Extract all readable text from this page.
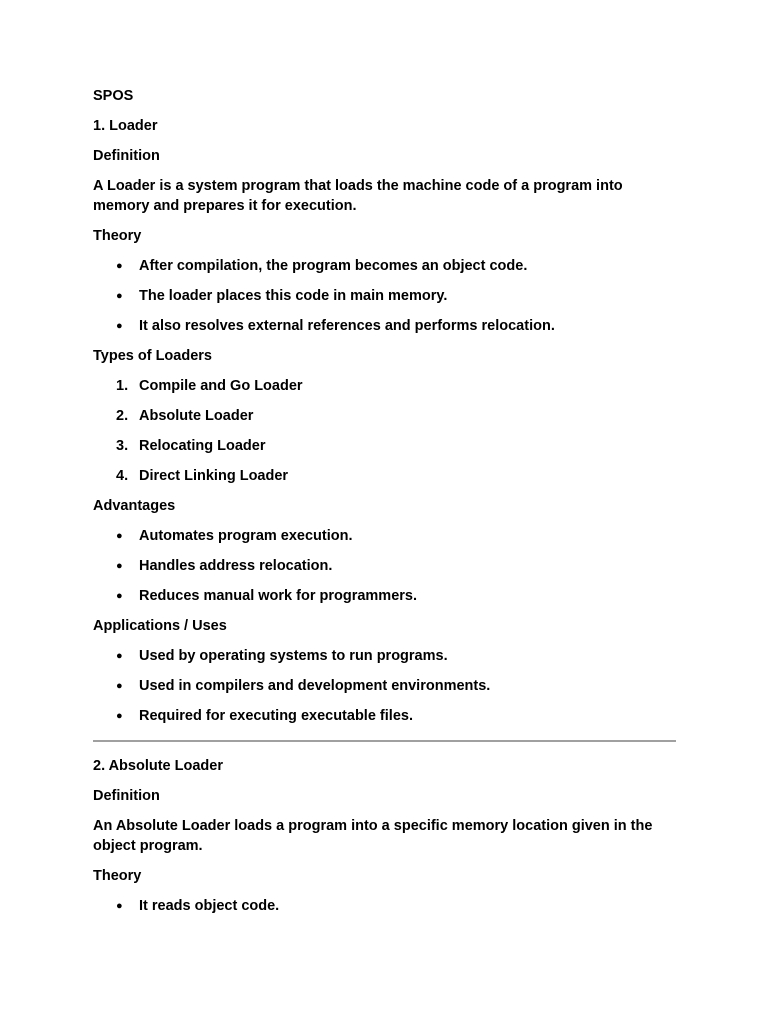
SPOS

1. Loader

Definition

A Loader is a system program that loads the machine code of a program into memory and prepares it for execution.

Theory

● After compilation, the program becomes an object code.
● The loader places this code in main memory.
● It also resolves external references and performs relocation.

Types of Loaders

1. Compile and Go Loader
2. Absolute Loader
3. Relocating Loader
4. Direct Linking Loader

Advantages

● Automates program execution.
● Handles address relocation.
● Reduces manual work for programmers.

Applications / Uses

● Used by operating systems to run programs.
● Used in compilers and development environments.
● Required for executing executable files.

2. Absolute Loader

Definition

An Absolute Loader loads a program into a specific memory location given in the object program.

Theory

● It reads object code.
